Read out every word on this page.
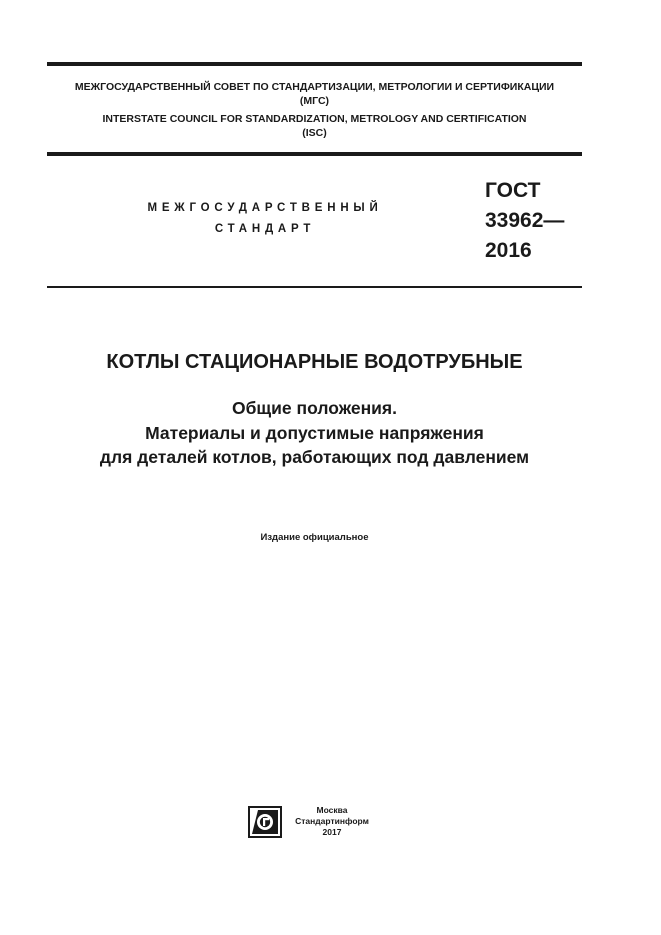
МЕЖГОСУДАРСТВЕННЫЙ СОВЕТ ПО СТАНДАРТИЗАЦИИ, МЕТРОЛОГИИ И СЕРТИФИКАЦИИ
(МГС)
INTERSTATE COUNCIL FOR STANDARDIZATION, METROLOGY AND CERTIFICATION
(ISC)
МЕЖГОСУДАРСТВЕННЫЙ
СТАНДАРТ
ГОСТ
33962—
2016
КОТЛЫ СТАЦИОНАРНЫЕ ВОДОТРУБНЫЕ
Общие положения.
Материалы и допустимые напряжения
для деталей котлов, работающих под давлением
Издание официальное
Москва
Стандартинформ
2017
